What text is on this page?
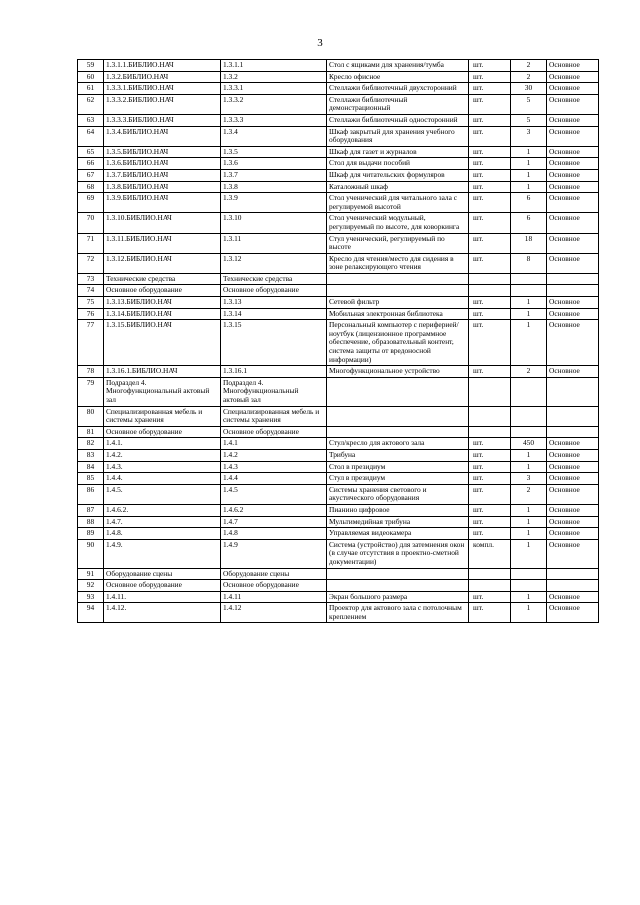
3
59	1.3.1.1.БИБЛИО.НАЧ	1.3.1.1	Стол с ящиками для хранения/тумба	шт.	2	Основное
60	1.3.2.БИБЛИО.НАЧ	1.3.2	Кресло офисное	шт.	2	Основное
61	1.3.3.1.БИБЛИО.НАЧ	1.3.3.1	Стеллажи библиотечный двухсторонний	шт.	30	Основное
62	1.3.3.2.БИБЛИО.НАЧ	1.3.3.2	Стеллажи библиотечный демонстрационный	шт.	5	Основное
63	1.3.3.3.БИБЛИО.НАЧ	1.3.3.3	Стеллажи библиотечный односторонний	шт.	5	Основное
64	1.3.4.БИБЛИО.НАЧ	1.3.4	Шкаф закрытый для хранения учебного оборудования	шт.	3	Основное
65	1.3.5.БИБЛИО.НАЧ	1.3.5	Шкаф для газет и журналов	шт.	1	Основное
66	1.3.6.БИБЛИО.НАЧ	1.3.6	Стол для выдачи пособий	шт.	1	Основное
67	1.3.7.БИБЛИО.НАЧ	1.3.7	Шкаф для читательских формуляров	шт.	1	Основное
68	1.3.8.БИБЛИО.НАЧ	1.3.8	Каталожный шкаф	шт.	1	Основное
69	1.3.9.БИБЛИО.НАЧ	1.3.9	Стол ученический для читального зала с регулируемой высотой	шт.	6	Основное
70	1.3.10.БИБЛИО.НАЧ	1.3.10	Стол ученический модульный, регулируемый по высоте, для коворкинга	шт.	6	Основное
71	1.3.11.БИБЛИО.НАЧ	1.3.11	Стул ученический, регулируемый по высоте	шт.	18	Основное
72	1.3.12.БИБЛИО.НАЧ	1.3.12	Кресло для чтения/место для сидения в зоне релаксирующего чтения	шт.	8	Основное
73	Технические средства	Технические средства				
74	Основное оборудование	Основное оборудование				
75	1.3.13.БИБЛИО.НАЧ	1.3.13	Сетевой фильтр	шт.	1	Основное
76	1.3.14.БИБЛИО.НАЧ	1.3.14	Мобильная электронная библиотека	шт.	1	Основное
77	1.3.15.БИБЛИО.НАЧ	1.3.15	Персональный компьютер с периферией/ноутбук (лицензионное программное обеспечение, образовательный контент, система защиты от вредоносной информации)	шт.	1	Основное
78	1.3.16.1.БИБЛИО.НАЧ	1.3.16.1	Многофункциональное устройство	шт.	2	Основное
79	Подраздел 4. Многофункциональный актовый зал	Подраздел 4. Многофункциональный актовый зал				
80	Специализированная мебель и системы хранения	Специализированная мебель и системы хранения				
81	Основное оборудование	Основное оборудование				
82	1.4.1.	1.4.1	Стул/кресло для актового зала	шт.	450	Основное
83	1.4.2.	1.4.2	Трибуна	шт.	1	Основное
84	1.4.3.	1.4.3	Стол в президиум	шт.	1	Основное
85	1.4.4.	1.4.4	Стул в президиум	шт.	3	Основное
86	1.4.5.	1.4.5	Системы хранения светового и акустического оборудования	шт.	2	Основное
87	1.4.6.2.	1.4.6.2	Пианино цифровое	шт.	1	Основное
88	1.4.7.	1.4.7	Мультимедийная трибуна	шт.	1	Основное
89	1.4.8.	1.4.8	Управляемая видеокамера	шт.	1	Основное
90	1.4.9.	1.4.9	Система (устройство) для затемнения окон (в случае отсутствия в проектно-сметной документации)	компл.	1	Основное
91	Оборудование сцены	Оборудование сцены				
92	Основное оборудование	Основное оборудование				
93	1.4.11.	1.4.11	Экран большого размера	шт.	1	Основное
94	1.4.12.	1.4.12	Проектор для актового зала с потолочным креплением	шт.	1	Основное
